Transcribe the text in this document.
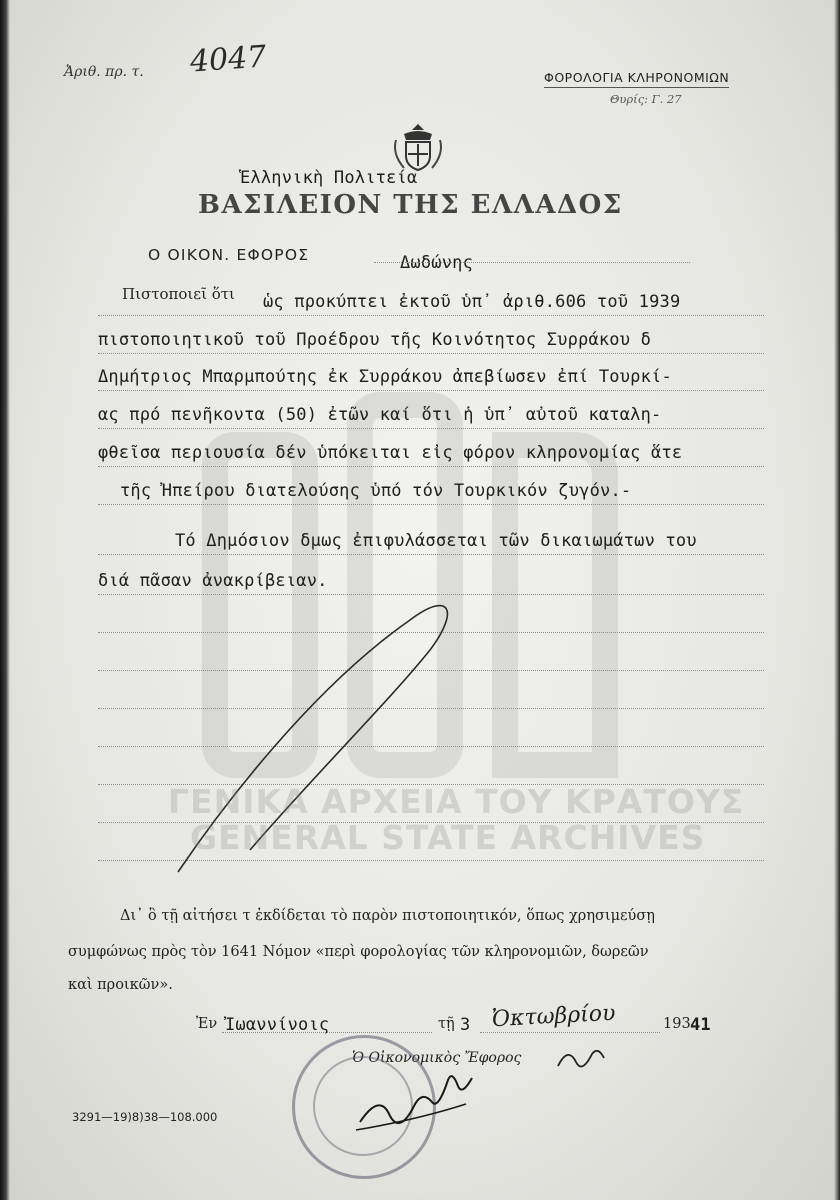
Ἀριθ. πρ. τ. 4047	ΦΟΡΟΛΟΓΙΑ ΚΛΗΡΟΝΟΜΙΩΝ
Θυρίς: Γ. 27
ΒΑΣΙΛΕΙΟΝ ΤΗΣ ΕΛΛΑΔΟΣ
Ἑλληνικὴ Πολιτεία
Ο ΟΙΚΟΝ. ΕΦΟΡΟΣ	Δωδώνης
Πιστοποιεῖ ὅτι ὡς προκύπτει ἐκτοῦ ὑπ᾽ ἀριθ.606 τοῦ 1939
πιστοποιητικοῦ τοῦ Προέδρου τῆς Κοινότητος Συρράκου δ
Δημήτριος Μπαρμπούτης ἐκ Συρράκου ἀπεβίωσεν ἐπί Τουρκί-
ας πρό πενῆκοντα (50) ἐτῶν καί ὅτι ἡ ὑπ᾽ αὐτοῦ καταλη-
φθεῖσα περιουσία δέν ὑπόκειται εἰς φόρον κληρονομίας ἅτε
τῆς Ἠπείρου διατελούσης ὑπό τόν Τουρκικόν ζυγόν.-
Τό Δημόσιον δμως ἐπιφυλάσσεται τῶν δικαιωμάτων του
διά πᾶσαν ἀνακρίβειαν.
ΓΕΝΙΚΑ ΑΡΧΕΙΑ ΤΟΥ ΚΡΑΤΟΥΣ
GENERAL STATE ARCHIVES
Δι᾽ ὃ τῇ αἰτήσει τ ἐκδίδεται τὸ παρὸν πιστοποιητικόν, ὅπως χρησιμεύσῃ
συμφώνως πρὸς τὸν 1641 Νόμον «περὶ φορολογίας τῶν κληρονομιῶν, δωρεῶν
καὶ προικῶν».
Ἐν Ἰωαννίνοις	τῇ 3 Ὀκτωβρίου	193 41
Ὁ Οἰκονομικὸς Ἔφορος
3291—19)8)38—108.000
